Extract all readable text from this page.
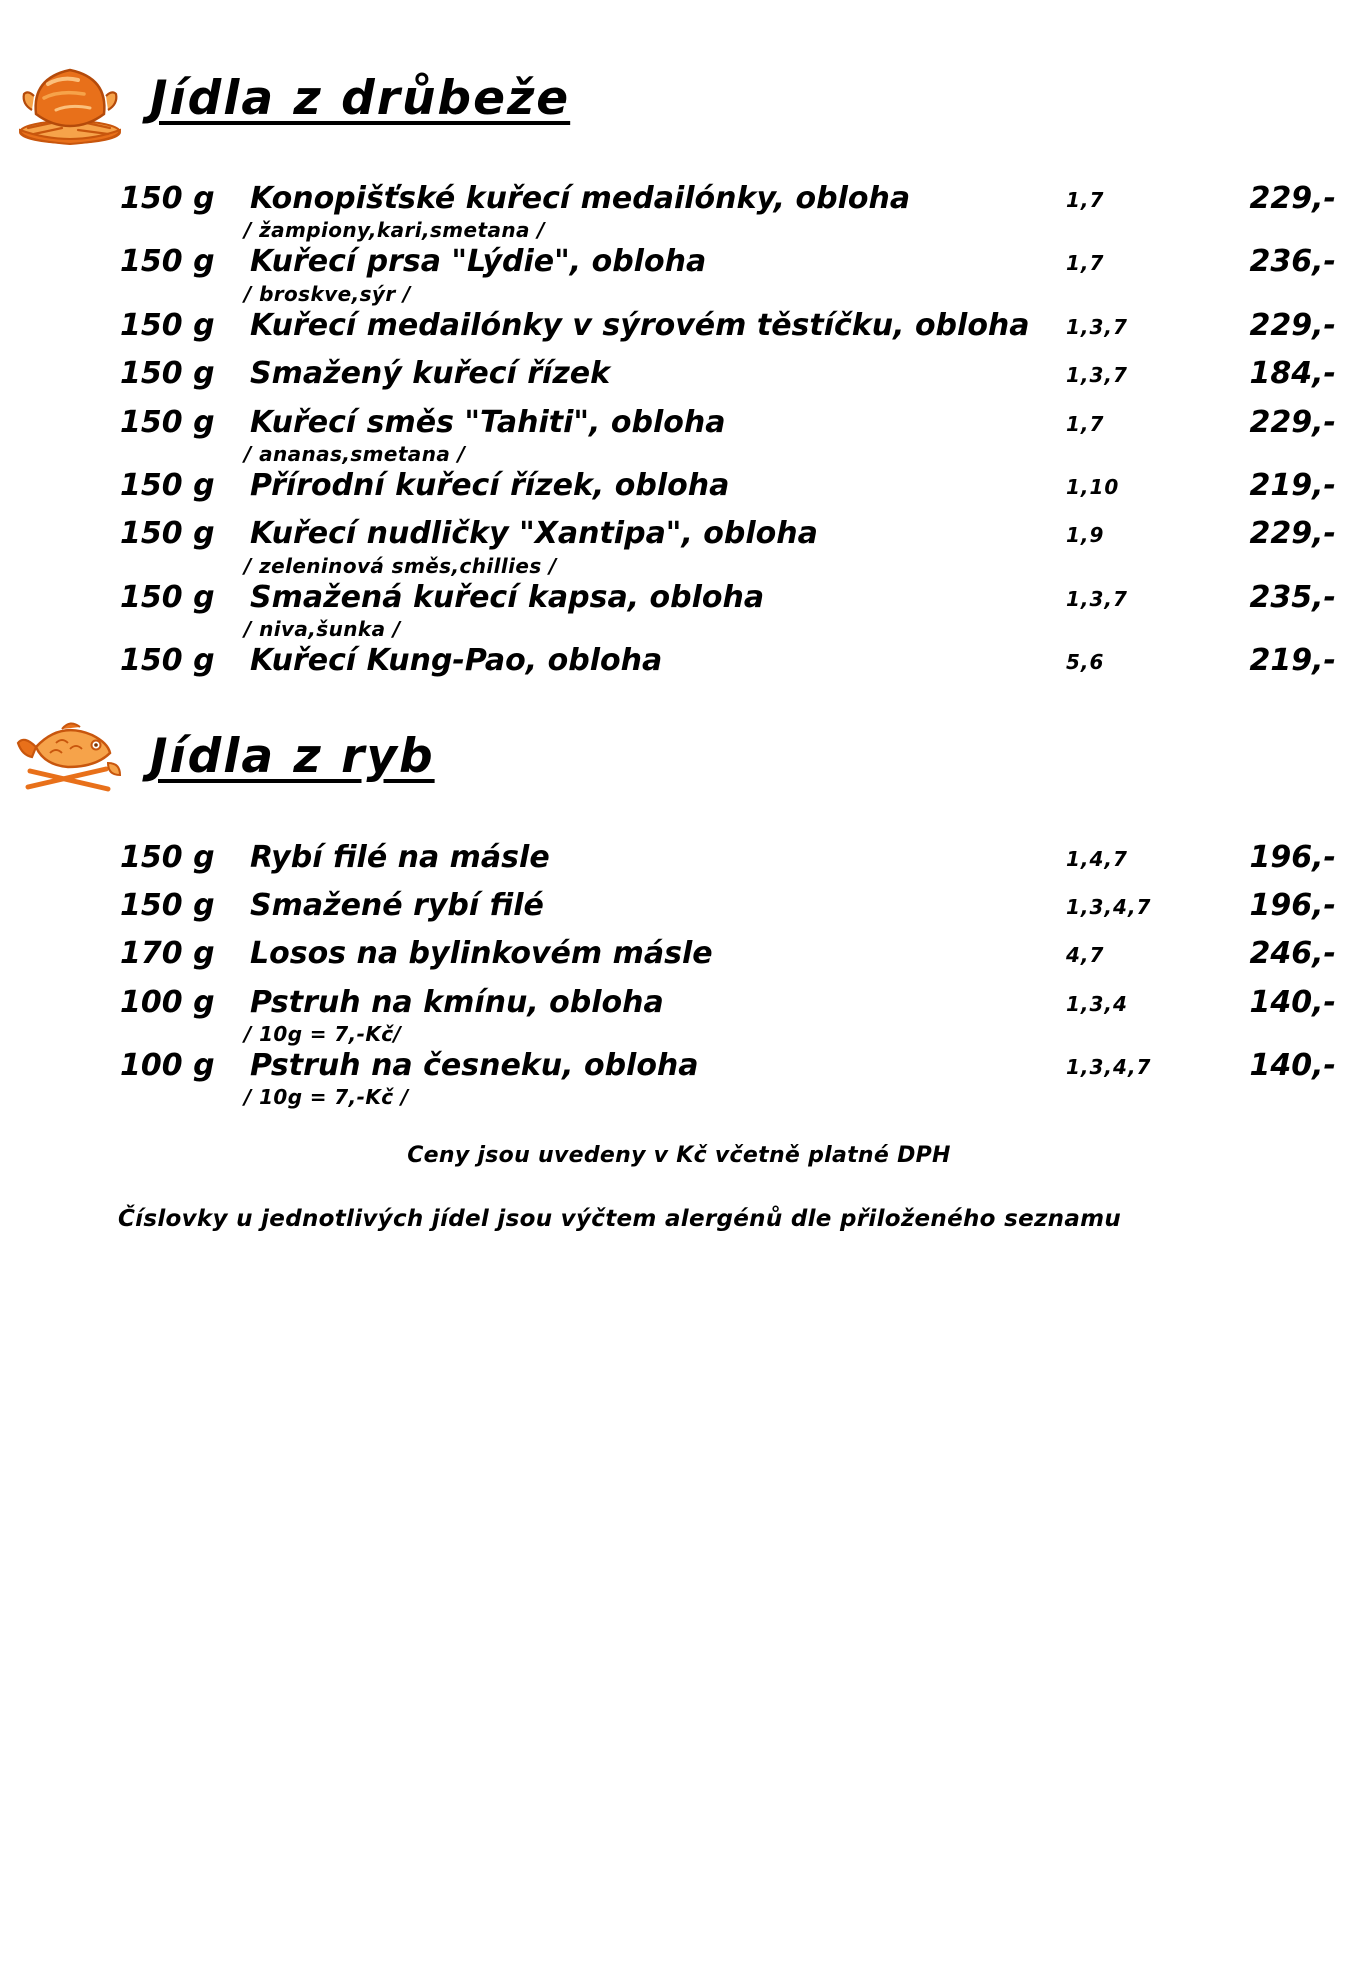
Jídla z drůbeže
150 g	Konopišťské kuřecí medailónky, obloha	1,7	229,-
/ žampiony,kari,smetana /
150 g	Kuřecí prsa "Lýdie", obloha	1,7	236,-
/ broskve,sýr /
150 g	Kuřecí medailónky v sýrovém těstíčku, obloha	1,3,7	229,-
150 g	Smažený kuřecí řízek	1,3,7	184,-
150 g	Kuřecí směs "Tahiti", obloha	1,7	229,-
/ ananas,smetana /
150 g	Přírodní kuřecí řízek, obloha	1,10	219,-
150 g	Kuřecí nudličky "Xantipa", obloha	1,9	229,-
/ zeleninová směs,chillies /
150 g	Smažená kuřecí kapsa, obloha	1,3,7	235,-
/ niva,šunka /
150 g	Kuřecí Kung-Pao, obloha	5,6	219,-
Jídla z ryb
150 g	Rybí filé na másle	1,4,7	196,-
150 g	Smažené rybí filé	1,3,4,7	196,-
170 g	Losos na bylinkovém másle	4,7	246,-
100 g	Pstruh na kmínu, obloha	1,3,4	140,-
/ 10g = 7,-Kč/
100 g	Pstruh na česneku, obloha	1,3,4,7	140,-
/ 10g = 7,-Kč /
Ceny jsou uvedeny v Kč včetně platné DPH
Číslovky u jednotlivých jídel jsou výčtem alergénů dle přiloženého seznamu
